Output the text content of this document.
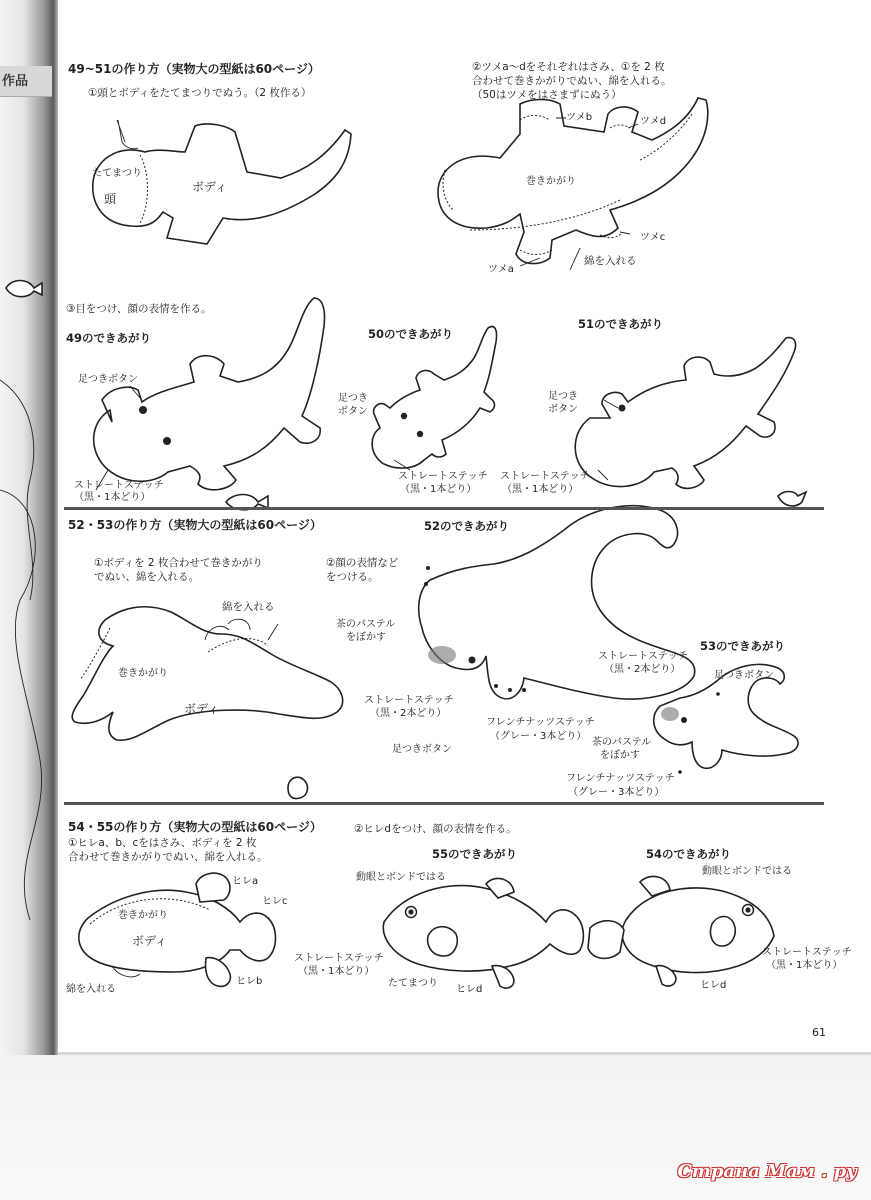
作品
49~51の作り方（実物大の型紙は60ページ）
①頭とボディをたてまつりでぬう。（2 枚作る）
②ツメa～dをそれぞれはさみ、①を 2 枚
合わせて巻きかがりでぬい、綿を入れる。
（50はツメをはさまずにぬう）
たてまつり
頭
ボディ	巻きかがり
ツメb	ツメd
ツメc
ツメa
綿を入れる
③目をつけ、顔の表情を作る。
49のできあがり	50のできあがり
51のできあがり
足つきボタン
足つき
ボタン
足つき
ボタン
ストレートステッチ
（黒・1本どり）
ストレートステッチ
（黒・1本どり）
ストレートステッチ
（黒・1本どり）
52・53の作り方（実物大の型紙は60ページ）
①ボディを 2 枚合わせて巻きかがり
でぬい、綿を入れる。
②顔の表情など
をつける。
52のできあがり
綿を入れる
巻きかがり
ボディ
茶のパステル
をぼかす
ストレートステッチ
（黒・2本どり）
足つきボタン
フレンチナッツステッチ
（グレー・3本どり）
53のできあがり
ストレートステッチ
（黒・2本どり）
足つきボタン
茶のパステル
をぼかす
フレンチナッツステッチ
（グレー・3本どり）
54・55の作り方（実物大の型紙は60ページ）
①ヒレa、b、cをはさみ、ボディを 2 枚
合わせて巻きかがりでぬい、綿を入れる。
②ヒレdをつけ、顔の表情を作る。
ヒレa
ヒレc
ヒレb
巻きかがり
ボディ
綿を入れる
55のできあがり
動眼とボンドではる
ストレートステッチ
（黒・1本どり）
たてまつり
ヒレd
54のできあがり
動眼とボンドではる
ストレートステッチ
（黒・1本どり）
ヒレd
61
Страна Мам . ру
